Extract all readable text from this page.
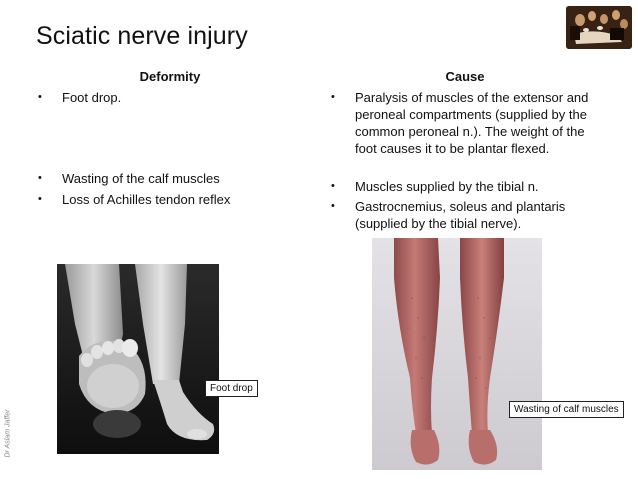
Sciatic nerve injury
Deformity	Cause
• Foot drop.
• Wasting of the calf muscles
• Loss of Achilles tendon reflex
• Paralysis of muscles of the extensor and peroneal compartments (supplied by the common peroneal n.). The weight of the foot causes it to be plantar flexed.
• Muscles supplied by the tibial n.
• Gastrocnemius, soleus and plantaris (supplied by the tibial nerve).
Foot drop
Wasting of calf muscles
Dr Aslam Jaffer
